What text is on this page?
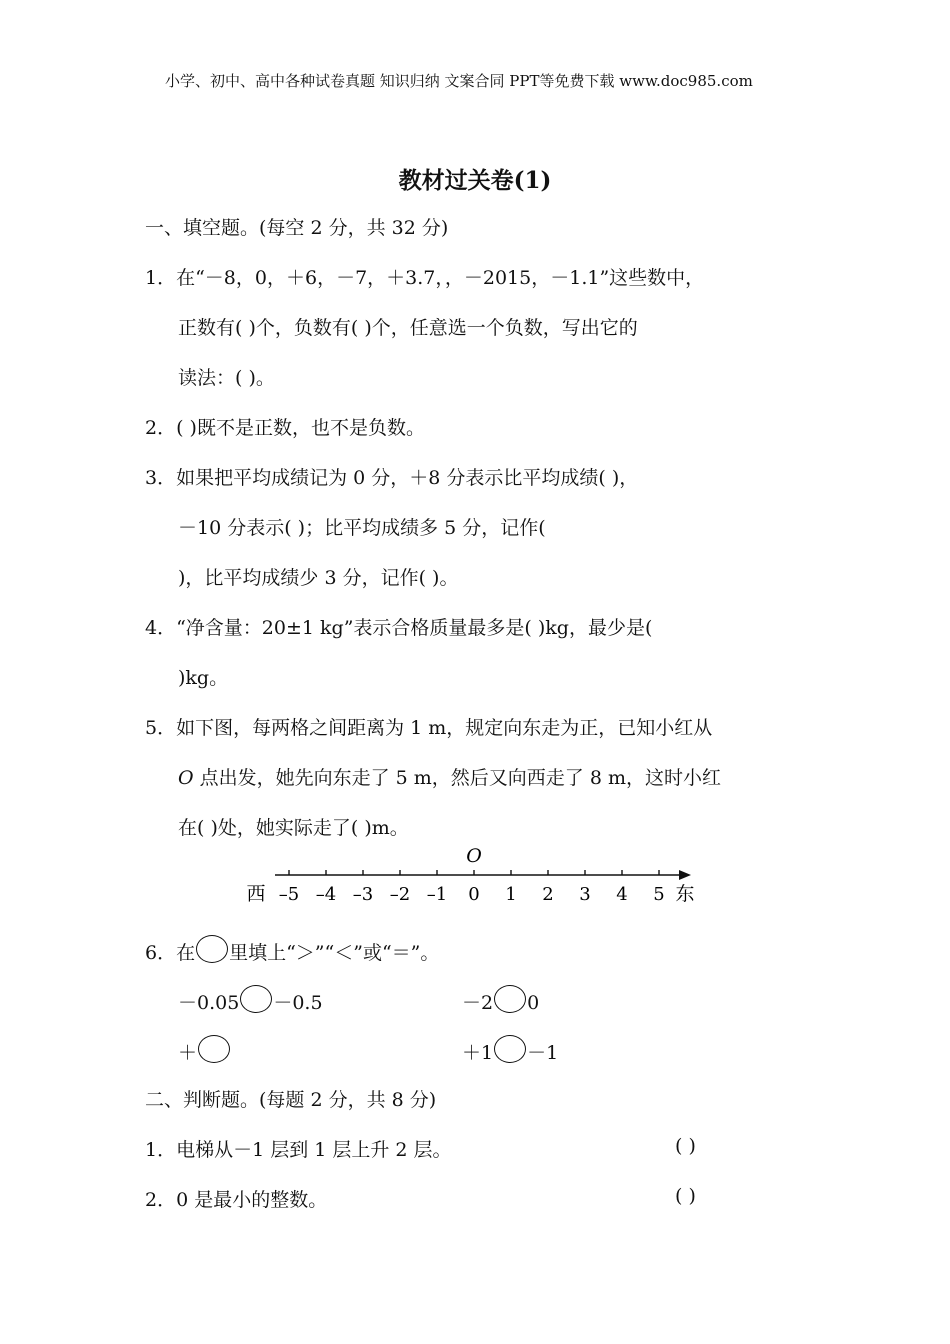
小学、初中、高中各种试卷真题 知识归纳 文案合同 PPT等免费下载 www.doc985.com
教材过关卷(1)
一、填空题。(每空 2 分，共 32 分)
1．在“－8，0，＋6，－7，＋3.7，，－2015，－1.1”这些数中，
正数有( )个，负数有( )个，任意选一个负数，写出它的
读法：( )。
2．( )既不是正数，也不是负数。
3．如果把平均成绩记为 0 分，＋8 分表示比平均成绩( )，
－10 分表示( )；比平均成绩多 5 分，记作(
)，比平均成绩少 3 分，记作( )。
4．“净含量：20±1 kg”表示合格质量最多是( )kg，最少是(
)kg。
5．如下图，每两格之间距离为 1 m，规定向东走为正，已知小红从
O 点出发，她先向东走了 5 m，然后又向西走了 8 m，这时小红
在( )处，她实际走了( )m。
O
西	东
–5 –4 –3 –2 –1 0 1 2 3 4 5
6．在 里填上“＞”“＜”或“＝”。
－0.05 －0.5	－2 0
＋	＋1 －1
二、判断题。(每题 2 分，共 8 分)
1．电梯从－1 层到 1 层上升 2 层。	( )
2．0 是最小的整数。	( )
